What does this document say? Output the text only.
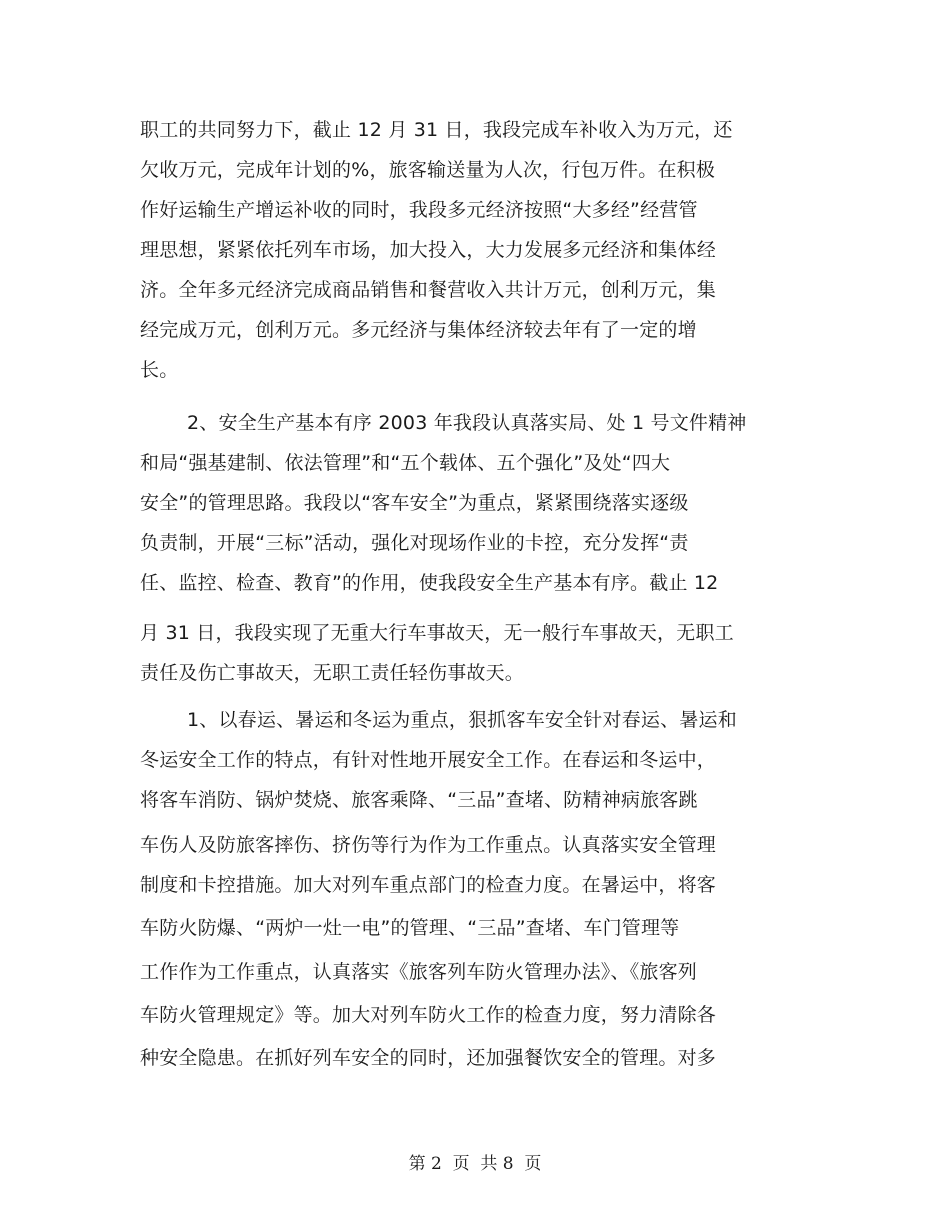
职工的共同努力下，截止 12 月 31 日，我段完成车补收入为万元，还
欠收万元，完成年计划的%，旅客输送量为人次，行包万件。在积极
作好运输生产增运补收的同时，我段多元经济按照“大多经”经营管
理思想，紧紧依托列车市场，加大投入，大力发展多元经济和集体经
济。全年多元经济完成商品销售和餐营收入共计万元，创利万元，集
经完成万元，创利万元。多元经济与集体经济较去年有了一定的增
长。
2、安全生产基本有序 2003 年我段认真落实局、处 1 号文件精神
和局“强基建制、依法管理”和“五个载体、五个强化”及处“四大
安全”的管理思路。我段以“客车安全”为重点，紧紧围绕落实逐级
负责制，开展“三标”活动，强化对现场作业的卡控，充分发挥“责
任、监控、检查、教育”的作用，使我段安全生产基本有序。截止 12
月 31 日，我段实现了无重大行车事故天，无一般行车事故天，无职工
责任及伤亡事故天，无职工责任轻伤事故天。
1、以春运、暑运和冬运为重点，狠抓客车安全针对春运、暑运和
冬运安全工作的特点，有针对性地开展安全工作。在春运和冬运中，
将客车消防、锅炉焚烧、旅客乘降、“三品”查堵、防精神病旅客跳
车伤人及防旅客摔伤、挤伤等行为作为工作重点。认真落实安全管理
制度和卡控措施。加大对列车重点部门的检查力度。在暑运中，将客
车防火防爆、“两炉一灶一电”的管理、“三品”查堵、车门管理等
工作作为工作重点，认真落实《旅客列车防火管理办法》、《旅客列
车防火管理规定》等。加大对列车防火工作的检查力度，努力清除各
种安全隐患。在抓好列车安全的同时，还加强餐饮安全的管理。对多
第 2  页  共 8  页
